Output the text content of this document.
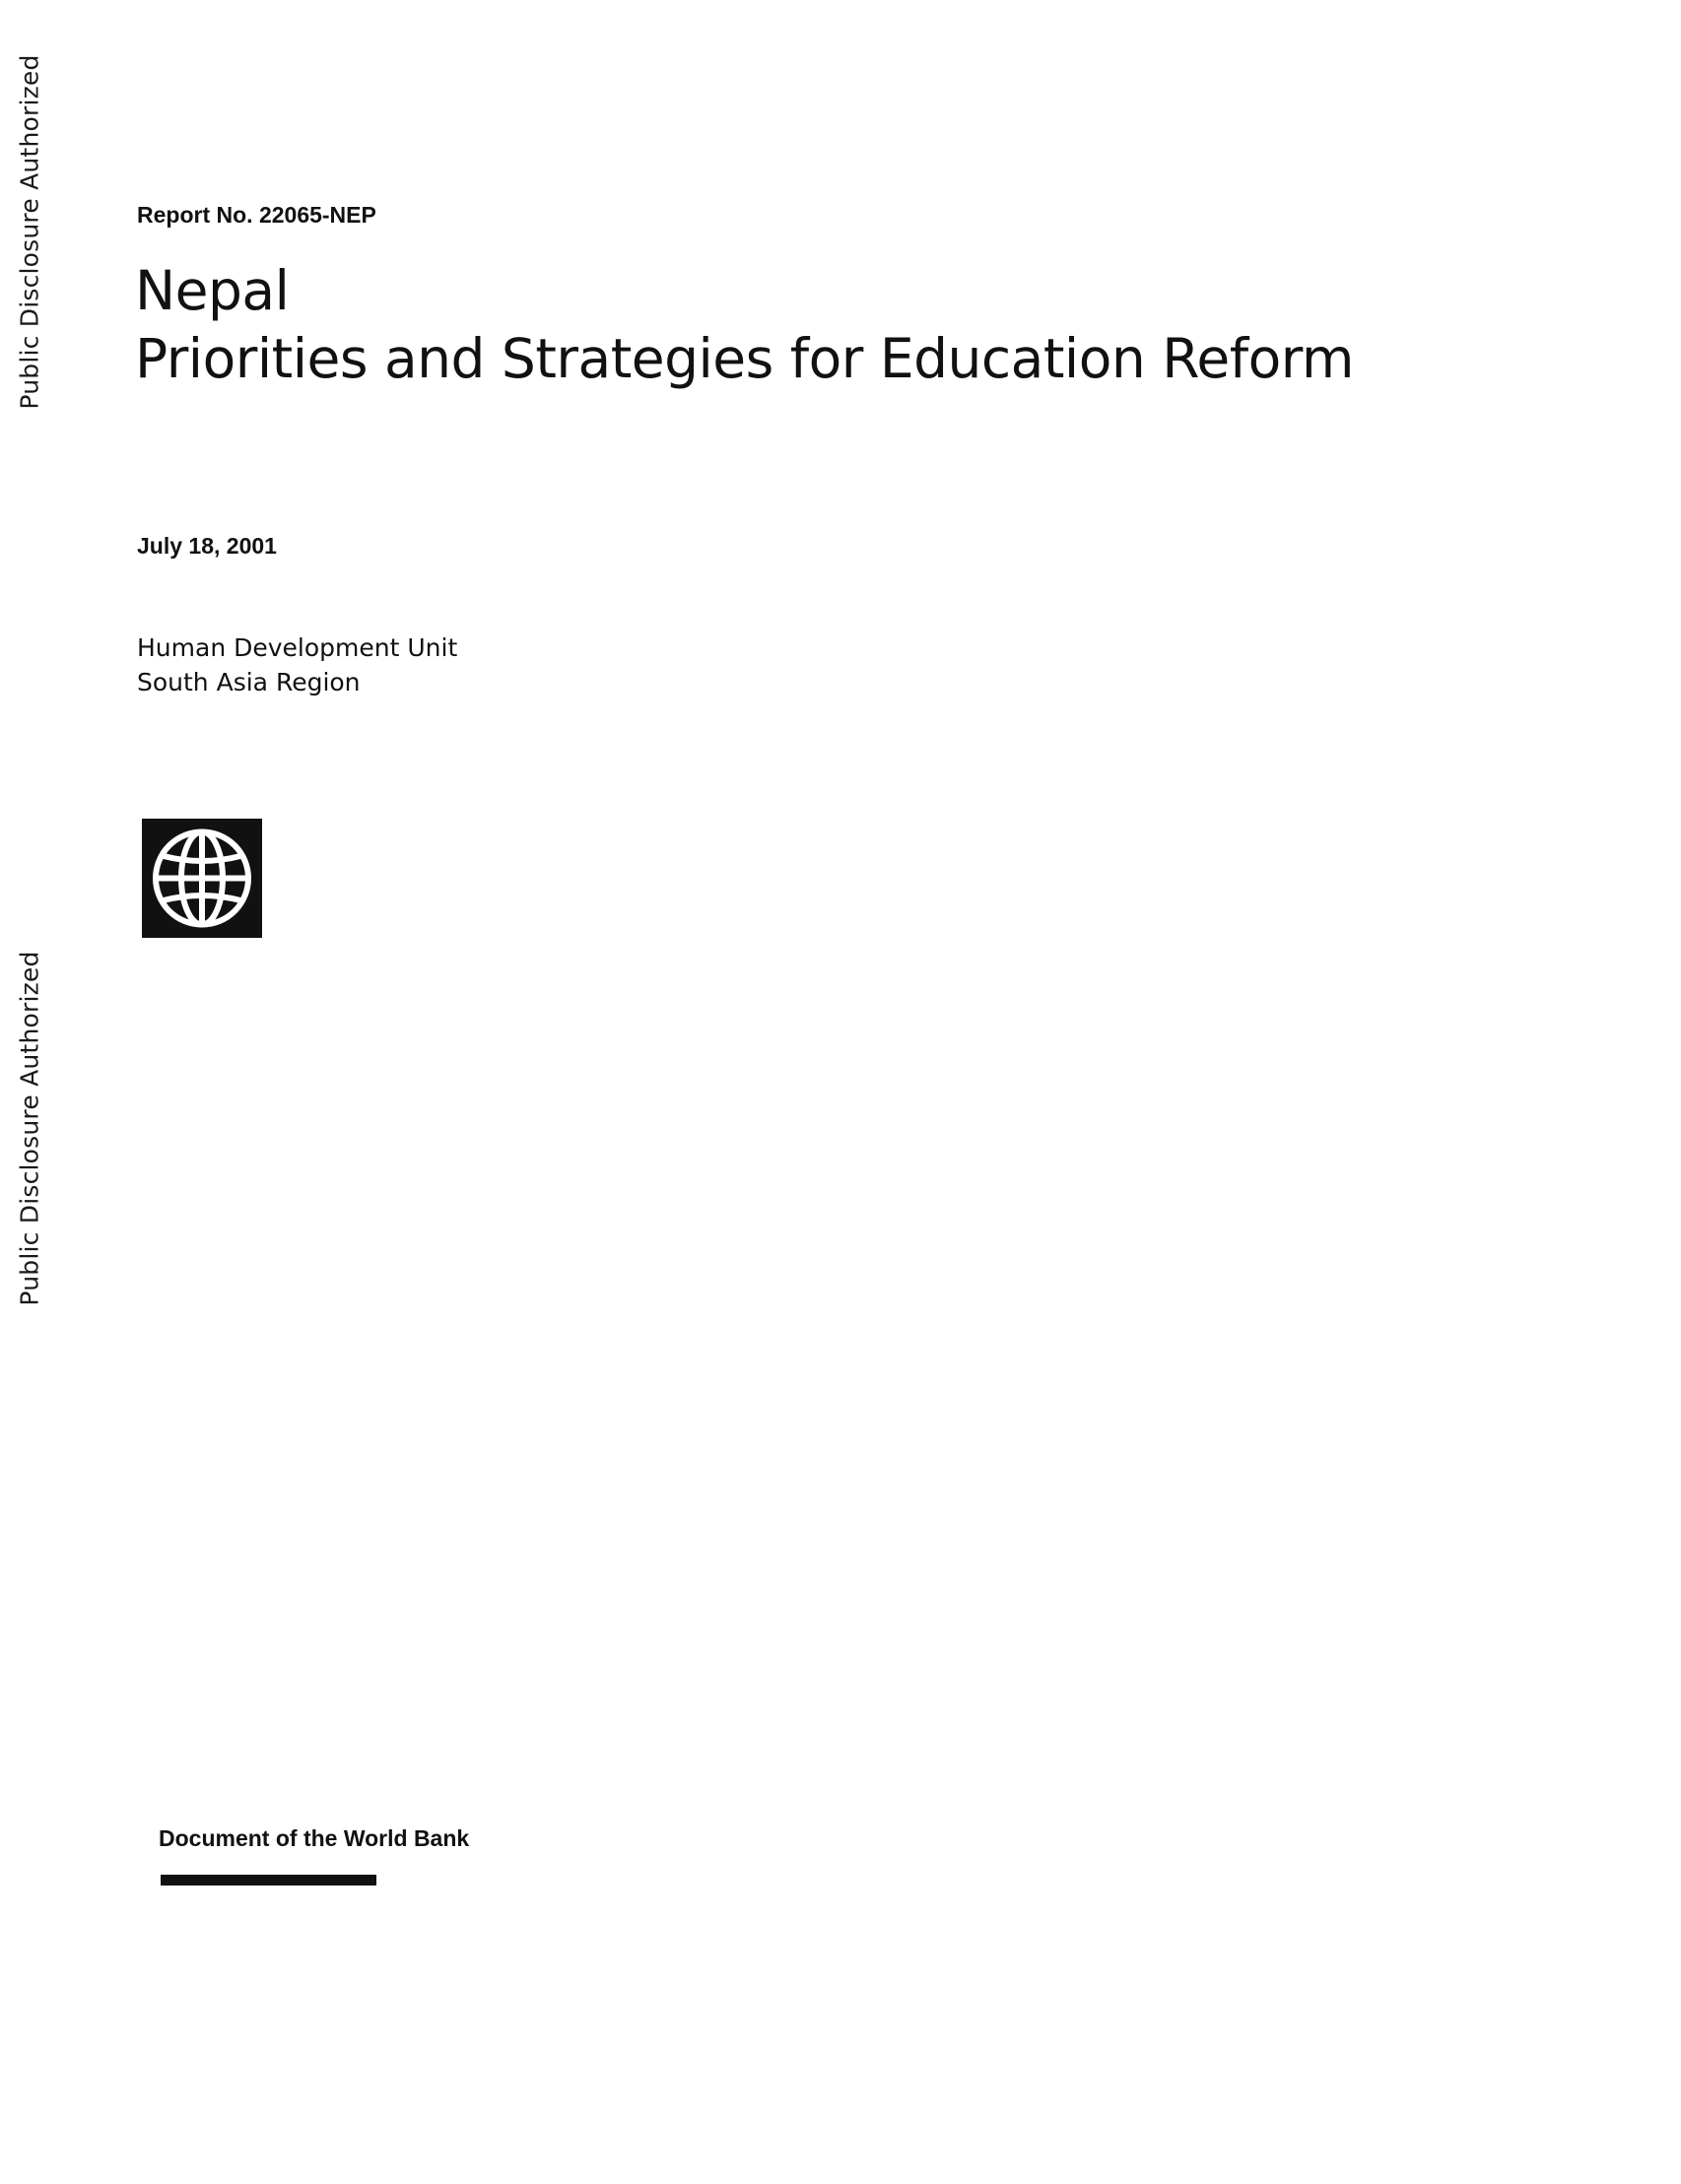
Public Disclosure Authorized
Public Disclosure Authorized
Report No. 22065-NEP
Nepal
Priorities and Strategies for Education Reform
July 18, 2001
Human Development Unit
South Asia Region
Document of the World Bank
